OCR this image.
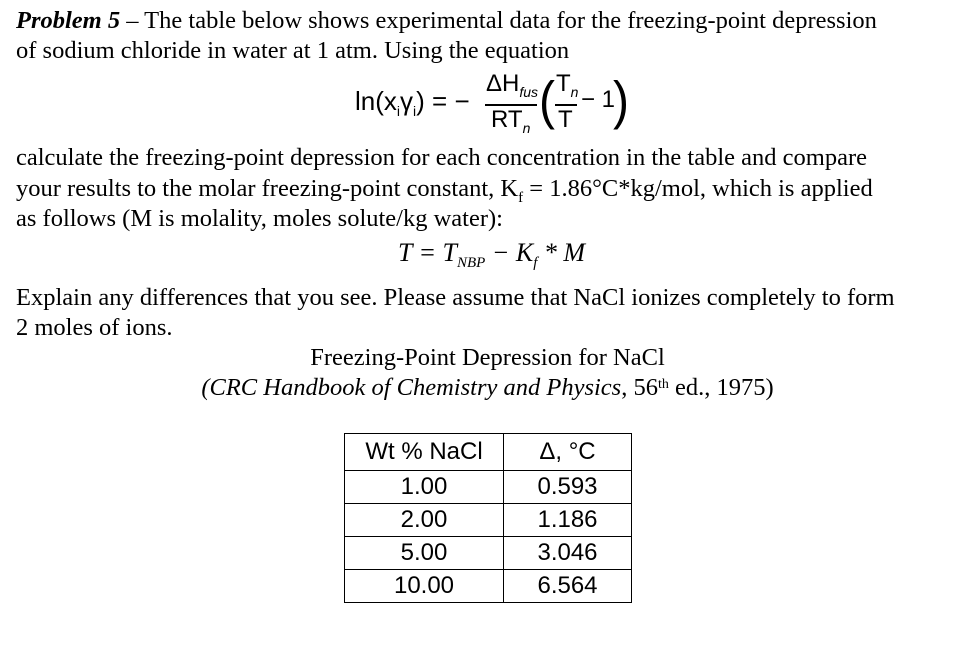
Problem 5 – The table below shows experimental data for the freezing-point depression
of sodium chloride in water at 1 atm. Using the equation
$\ln(x_i\gamma_i)$ = −
$\Delta H_{fus}$
$RT_n$ ( $T_n$
T
− 1
)
calculate the freezing-point depression for each concentration in the table and compare
your results to the molar freezing-point constant, $K_f = 1.86^\circ C*kg/mol$, which is applied
as follows (M is molality, moles solute/kg water):
$T = T_{NBP} - K_f * M$
Explain any differences that you see. Please assume that NaCl ionizes completely to form
2 moles of ions.
Freezing-Point Depression for NaCl
(CRC Handbook of Chemistry and Physics, 56th ed., 1975)
Wt % NaCl	Δ, °C
1.00	0.593
2.00	1.186
5.00	3.046
10.00	6.564
